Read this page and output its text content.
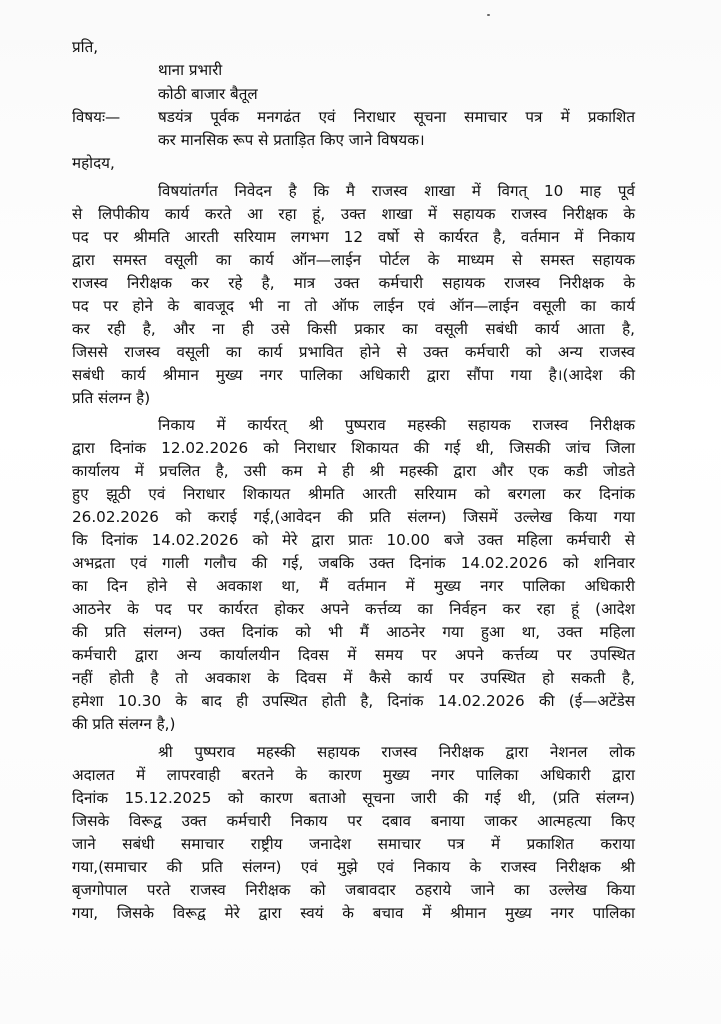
प्रति,
थाना प्रभारी
कोठी बाजार बैतूल
विषयः— षडयंत्र पूर्वक मनगढंत एवं निराधार सूचना समाचार पत्र में प्रकाशित
कर मानसिक रूप से प्रताड़ित किए जाने विषयक।
महोदय,
विषयांतर्गत निवेदन है कि मै राजस्व शाखा में विगत् 10 माह पूर्व
से लिपीकीय कार्य करते आ रहा हूं, उक्त शाखा में सहायक राजस्व निरीक्षक के
पद पर श्रीमति आरती सरियाम लगभग 12 वर्षो से कार्यरत है, वर्तमान में निकाय
द्वारा समस्त वसूली का कार्य ऑन—लाईन पोर्टल के माध्यम से समस्त सहायक
राजस्व निरीक्षक कर रहे है, मात्र उक्त कर्मचारी सहायक राजस्व निरीक्षक के
पद पर होने के बावजूद भी ना तो ऑफ लाईन एवं ऑन—लाईन वसूली का कार्य
कर रही है, और ना ही उसे किसी प्रकार का वसूली सबंधी कार्य आता है,
जिससे राजस्व वसूली का कार्य प्रभावित होने से उक्त कर्मचारी को अन्य राजस्व
सबंधी कार्य श्रीमान मुख्य नगर पालिका अधिकारी द्वारा सौंपा गया है।(आदेश की
प्रति संलग्न है)
निकाय में कार्यरत् श्री पुष्पराव महस्की सहायक राजस्व निरीक्षक
द्वारा दिनांक 12.02.2026 को निराधार शिकायत की गई थी, जिसकी जांच जिला
कार्यालय में प्रचलित है, उसी कम मे ही श्री महस्की द्वारा और एक कडी जोडते
हुए झूठी एवं निराधार शिकायत श्रीमति आरती सरियाम को बरगला कर दिनांक
26.02.2026 को कराई गई,(आवेदन की प्रति संलग्न) जिसमें उल्लेख किया गया
कि दिनांक 14.02.2026 को मेरे द्वारा प्रातः 10.00 बजे उक्त महिला कर्मचारी से
अभद्रता एवं गाली गलौच की गई, जबकि उक्त दिनांक 14.02.2026 को शनिवार
का दिन होने से अवकाश था, मैं वर्तमान में मुख्य नगर पालिका अधिकारी
आठनेर के पद पर कार्यरत होकर अपने कर्त्तव्य का निर्वहन कर रहा हूं (आदेश
की प्रति संलग्न) उक्त दिनांक को भी मैं आठनेर गया हुआ था, उक्त महिला
कर्मचारी द्वारा अन्य कार्यालयीन दिवस में समय पर अपने कर्त्तव्य पर उपस्थित
नहीं होती है तो अवकाश के दिवस में कैसे कार्य पर उपस्थित हो सकती है,
हमेशा 10.30 के बाद ही उपस्थित होती है, दिनांक 14.02.2026 की (ई—अटेंडेस
की प्रति संलग्न है,)
श्री पुष्पराव महस्की सहायक राजस्व निरीक्षक द्वारा नेशनल लोक
अदालत में लापरवाही बरतने के कारण मुख्य नगर पालिका अधिकारी द्वारा
दिनांक 15.12.2025 को कारण बताओ सूचना जारी की गई थी, (प्रति संलग्न)
जिसके विरूद्व उक्त कर्मचारी निकाय पर दबाव बनाया जाकर आत्महत्या किए
जाने सबंधी समाचार राष्ट्रीय जनादेश समाचार पत्र में प्रकाशित कराया
गया,(समाचार की प्रति संलग्न) एवं मुझे एवं निकाय के राजस्व निरीक्षक श्री
बृजगोपाल परते राजस्व निरीक्षक को जबावदार ठहराये जाने का उल्लेख किया
गया, जिसके विरूद्व मेरे द्वारा स्वयं के बचाव में श्रीमान मुख्य नगर पालिका
